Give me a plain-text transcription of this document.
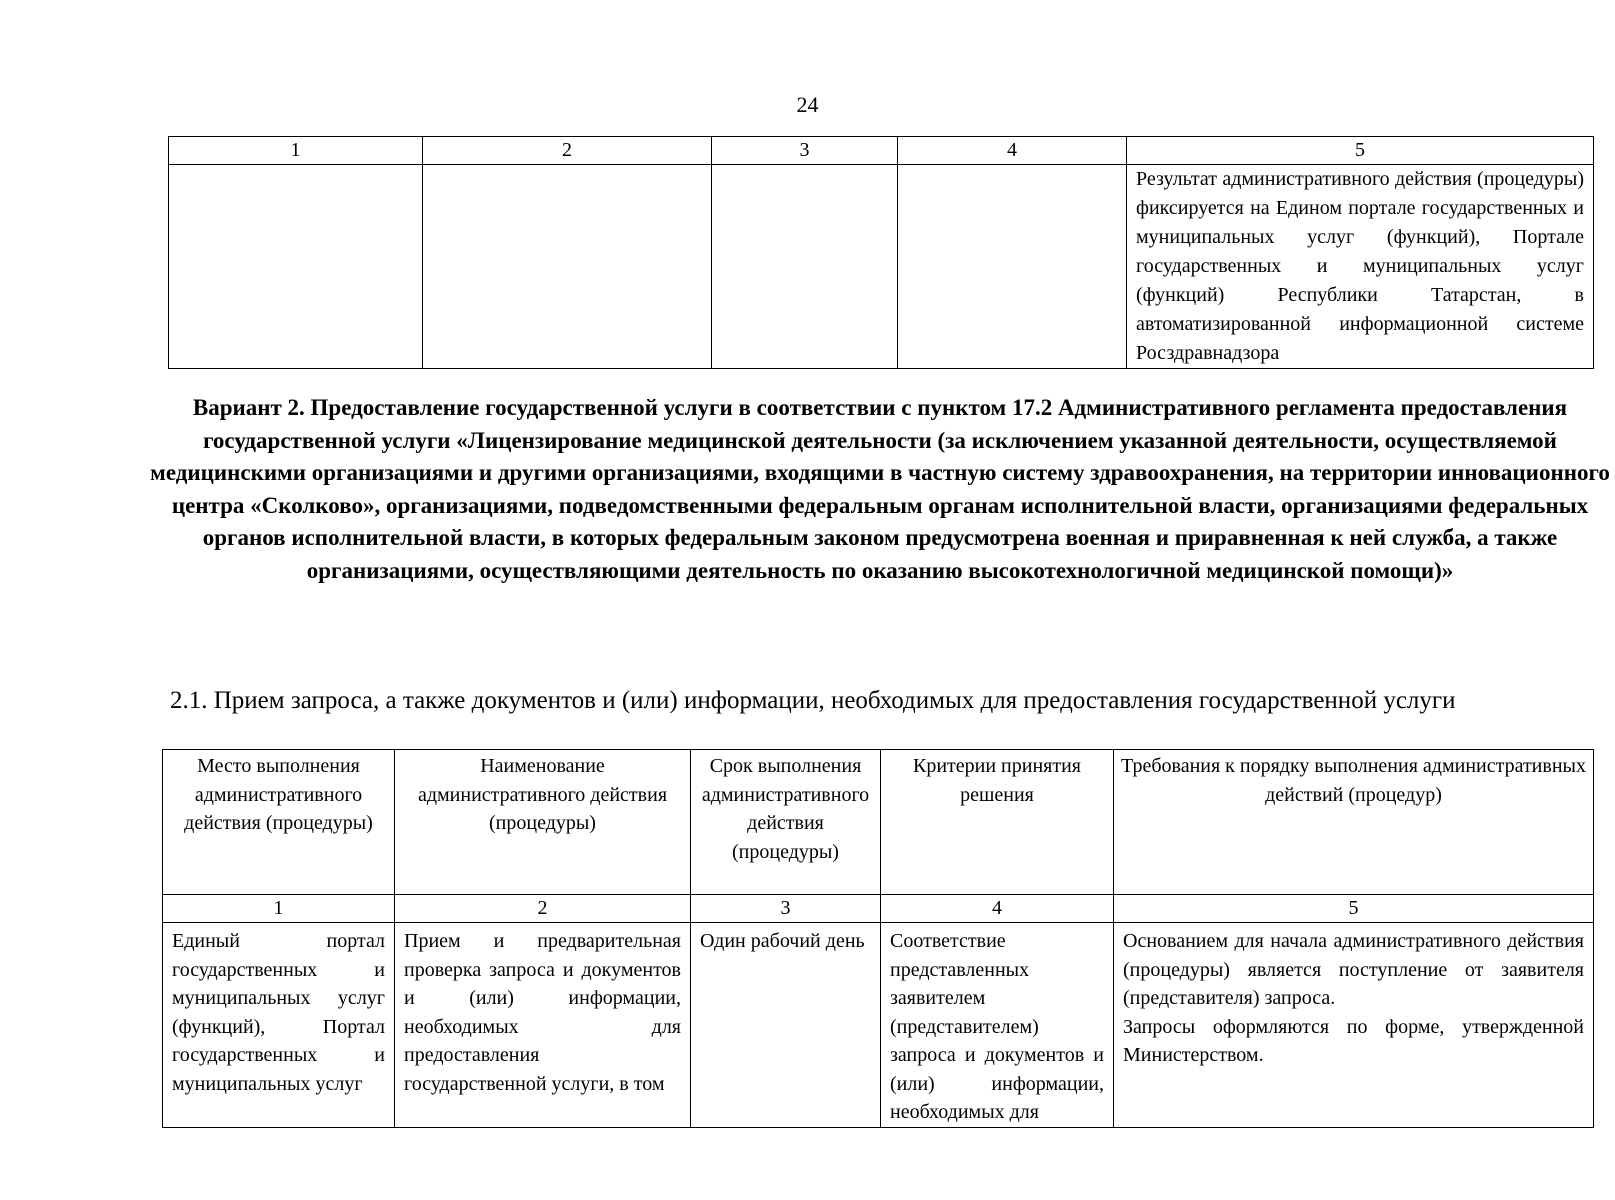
24
1	2	3	4	5
				Результат административного действия (процедуры) фиксируется на Едином портале государственных и муниципальных услуг (функций), Портале государственных и муниципальных услуг (функций) Республики Татарстан, в автоматизированной информационной системе Росздравнадзора

Вариант 2. Предоставление государственной услуги в соответствии с пунктом 17.2 Административного регламента предоставления государственной услуги «Лицензирование медицинской деятельности (за исключением указанной деятельности, осуществляемой медицинскими организациями и другими организациями, входящими в частную систему здравоохранения, на территории инновационного центра «Сколково», организациями, подведомственными федеральным органам исполнительной власти, организациями федеральных органов исполнительной власти, в которых федеральным законом предусмотрена военная и приравненная к ней служба, а также организациями, осуществляющими деятельность по оказанию высокотехнологичной медицинской помощи)»

2.1. Прием запроса, а также документов и (или) информации, необходимых для предоставления государственной услуги

Место выполнения административного действия (процедуры)	Наименование административного действия (процедуры)	Срок выполнения административного действия (процедуры)	Критерии принятия решения	Требования к порядку выполнения административных действий (процедур)
1	2	3	4	5
Единый портал государственных и муниципальных услуг (функций), Портал государственных и муниципальных услуг	Прием и предварительная проверка запроса и документов и (или) информации, необходимых для предоставления государственной услуги, в том	Один рабочий день	Соответствие представленных заявителем (представителем) запроса и документов и (или) информации, необходимых для	Основанием для начала административного действия (процедуры) является поступление от заявителя (представителя) запроса.

Запросы оформляются по форме, утвержденной Министерством.
